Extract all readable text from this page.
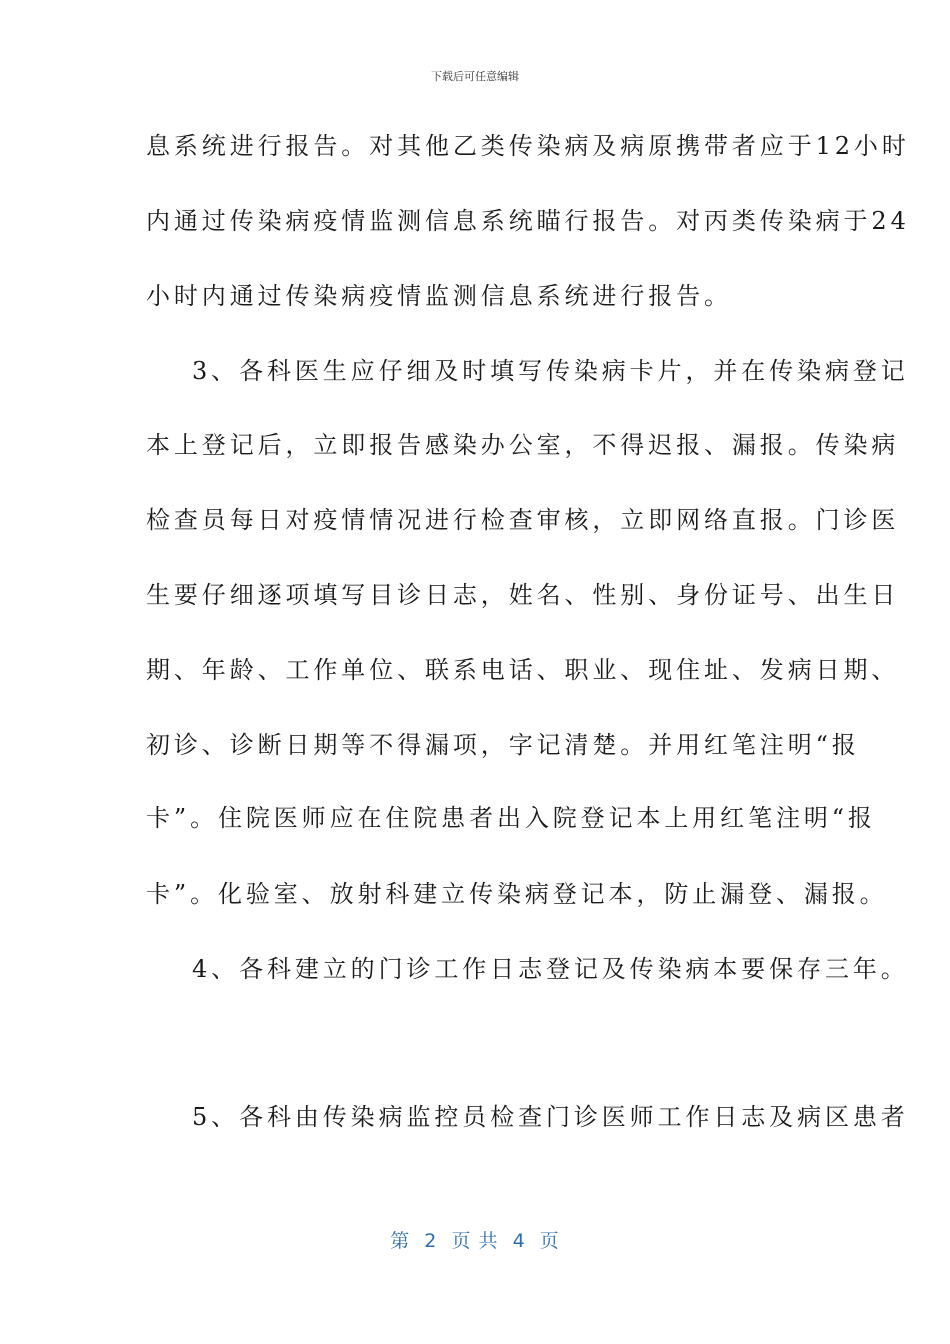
下载后可任意编辑
息系统进行报告。对其他乙类传染病及病原携带者应于12小时
内通过传染病疫情监测信息系统瞄行报告。对丙类传染病于24
小时内通过传染病疫情监测信息系统进行报告。
3、各科医生应仔细及时填写传染病卡片，并在传染病登记
本上登记后，立即报告感染办公室，不得迟报、漏报。传染病
检查员每日对疫情情况进行检查审核，立即网络直报。门诊医
生要仔细逐项填写目诊日志，姓名、性别、身份证号、出生日
期、年龄、工作单位、联系电话、职业、现住址、发病日期、
初诊、诊断日期等不得漏项，字记清楚。并用红笔注明“报
卡”。住院医师应在住院患者出入院登记本上用红笔注明“报
卡”。化验室、放射科建立传染病登记本，防止漏登、漏报。
4、各科建立的门诊工作日志登记及传染病本要保存三年。
5、各科由传染病监控员检查门诊医师工作日志及病区患者
第  2  页 共  4  页
